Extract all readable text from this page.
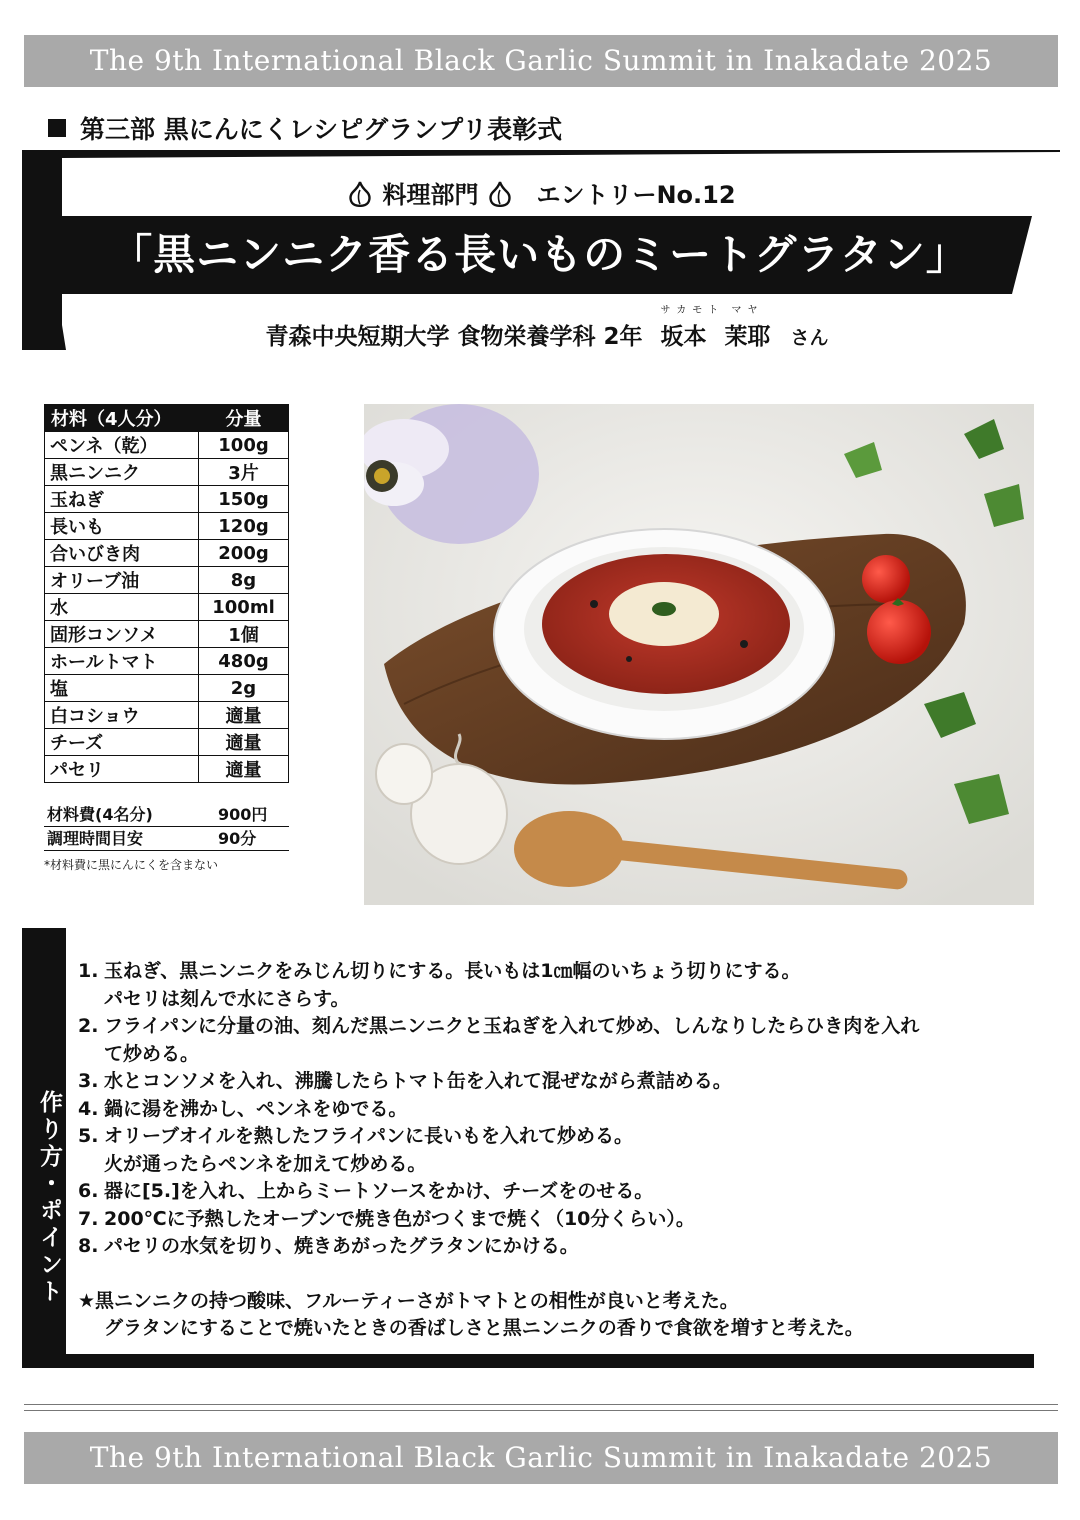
The 9th International Black Garlic Summit in Inakadate 2025
第三部 黒にんにくレシピグランプリ表彰式
料理部門 エントリーNo.12
「黒ニンニク香る長いものミートグラタン」
青森中央短期大学 食物栄養学科 2年
サカモト
坂本
マヤ
茉耶 さん
材料（4人分）	分量
ペンネ（乾）	100g
黒ニンニク	3片
玉ねぎ	150g
長いも	120g
合いびき肉	200g
オリーブ油	8g
水	100ml
固形コンソメ	1個
ホールトマト	480g
塩	2g
白コショウ	適量
チーズ	適量
パセリ	適量
材料費(4名分)	900円
調理時間目安	90分
*材料費に黒にんにくを含まない
作り方・ポイント
1. 玉ねぎ、黒ニンニクをみじん切りにする。長いもは1㎝幅のいちょう切りにする。
パセリは刻んで水にさらす。
2. フライパンに分量の油、刻んだ黒ニンニクと玉ねぎを入れて炒め、しんなりしたらひき肉を入れ
て炒める。
3. 水とコンソメを入れ、沸騰したらトマト缶を入れて混ぜながら煮詰める。
4. 鍋に湯を沸かし、ペンネをゆでる。
5. オリーブオイルを熱したフライパンに長いもを入れて炒める。
火が通ったらペンネを加えて炒める。
6. 器に[5.]を入れ、上からミートソースをかけ、チーズをのせる。
7. 200℃に予熱したオーブンで焼き色がつくまで焼く（10分くらい）。
8. パセリの水気を切り、焼きあがったグラタンにかける。
★黒ニンニクの持つ酸味、フルーティーさがトマトとの相性が良いと考えた。
グラタンにすることで焼いたときの香ばしさと黒ニンニクの香りで食欲を増すと考えた。
The 9th International Black Garlic Summit in Inakadate 2025
